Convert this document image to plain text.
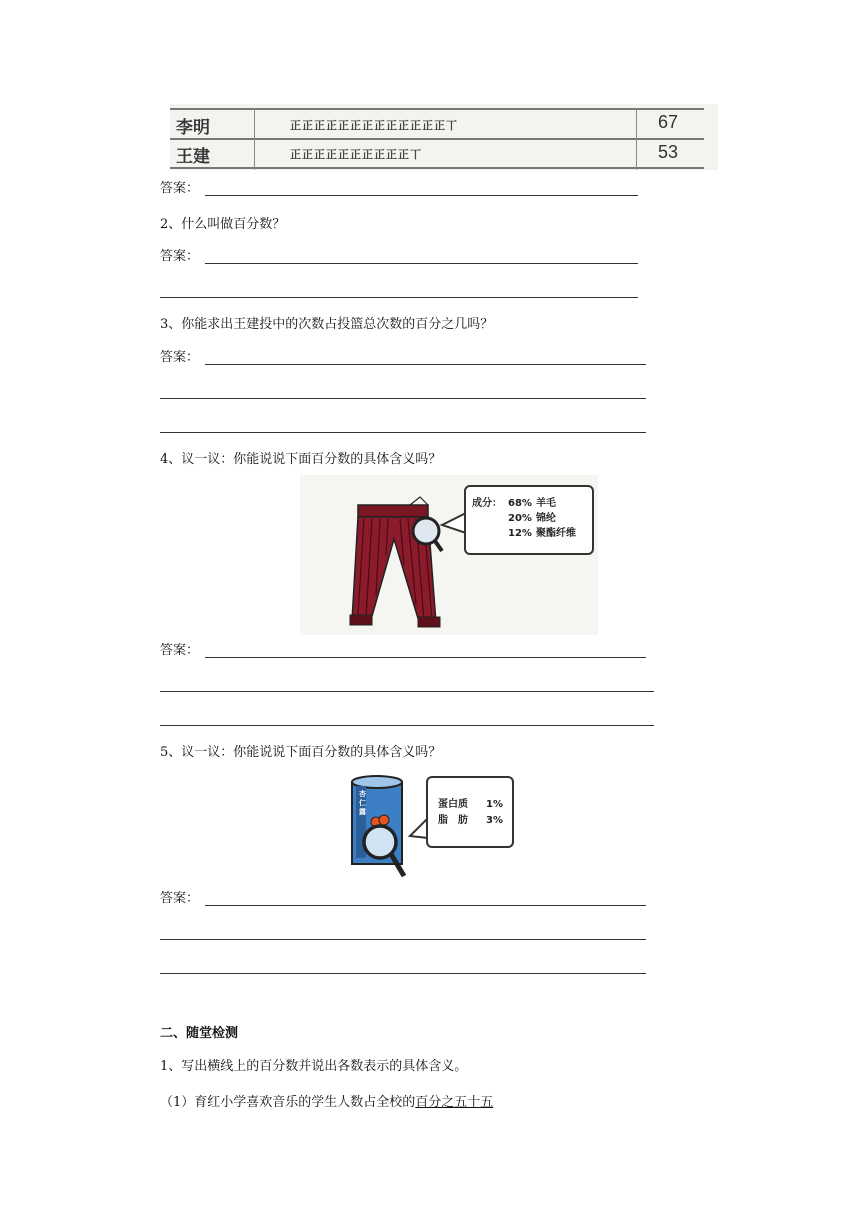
李明	正正正正正正正正正正正正正丅	67
王建	正正正正正正正正正正丅	53
答案：
2、什么叫做百分数？
答案：
3、你能求出王建投中的次数占投篮总次数的百分之几吗？
答案：
4、议一议：你能说说下面百分数的具体含义吗？
成分： 68% 羊毛
20% 锦纶
12% 聚酯纤维
答案：
5、议一议：你能说说下面百分数的具体含义吗？
杏仁露
蛋白质 1%
脂　肪 3%
答案：
二、随堂检测
1、写出横线上的百分数并说出各数表示的具体含义。
（1）育红小学喜欢音乐的学生人数占全校的百分之五十五
